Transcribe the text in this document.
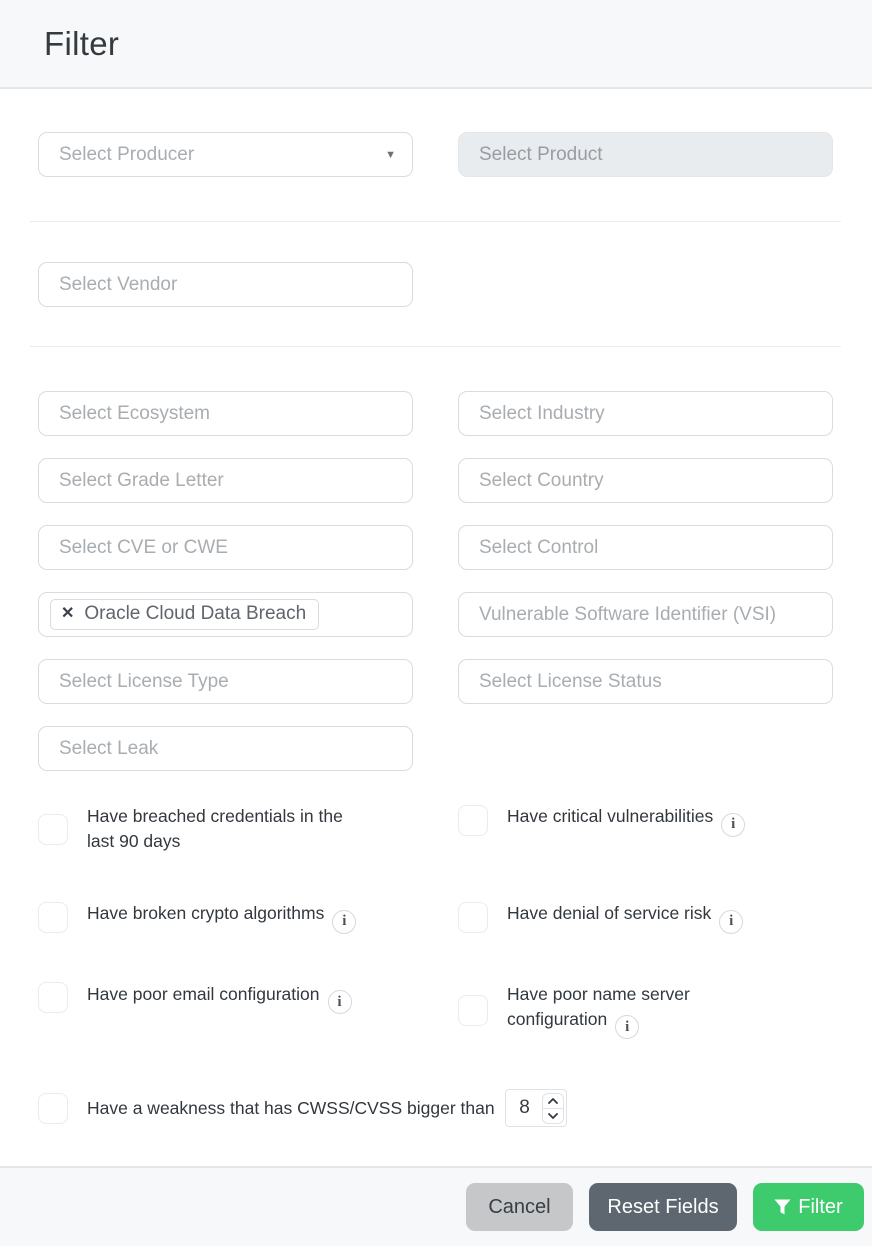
Filter
Select Producer
▼
Select Product
Select Vendor
Select Ecosystem
Select Industry
Select Grade Letter
Select Country
Select CVE or CWE
Select Control
✕ Oracle Cloud Data Breach
Vulnerable Software Identifier (VSI)
Select License Type
Select License Status
Select Leak
Have breached credentials in the last 90 days
Have critical vulnerabilities i
Have broken crypto algorithms i	Have denial of service risk i
Have poor email configuration i	Have poor name server configuration i
Have a weakness that has CWSS/CVSS bigger than	8
Cancel	Reset Fields	Filter
